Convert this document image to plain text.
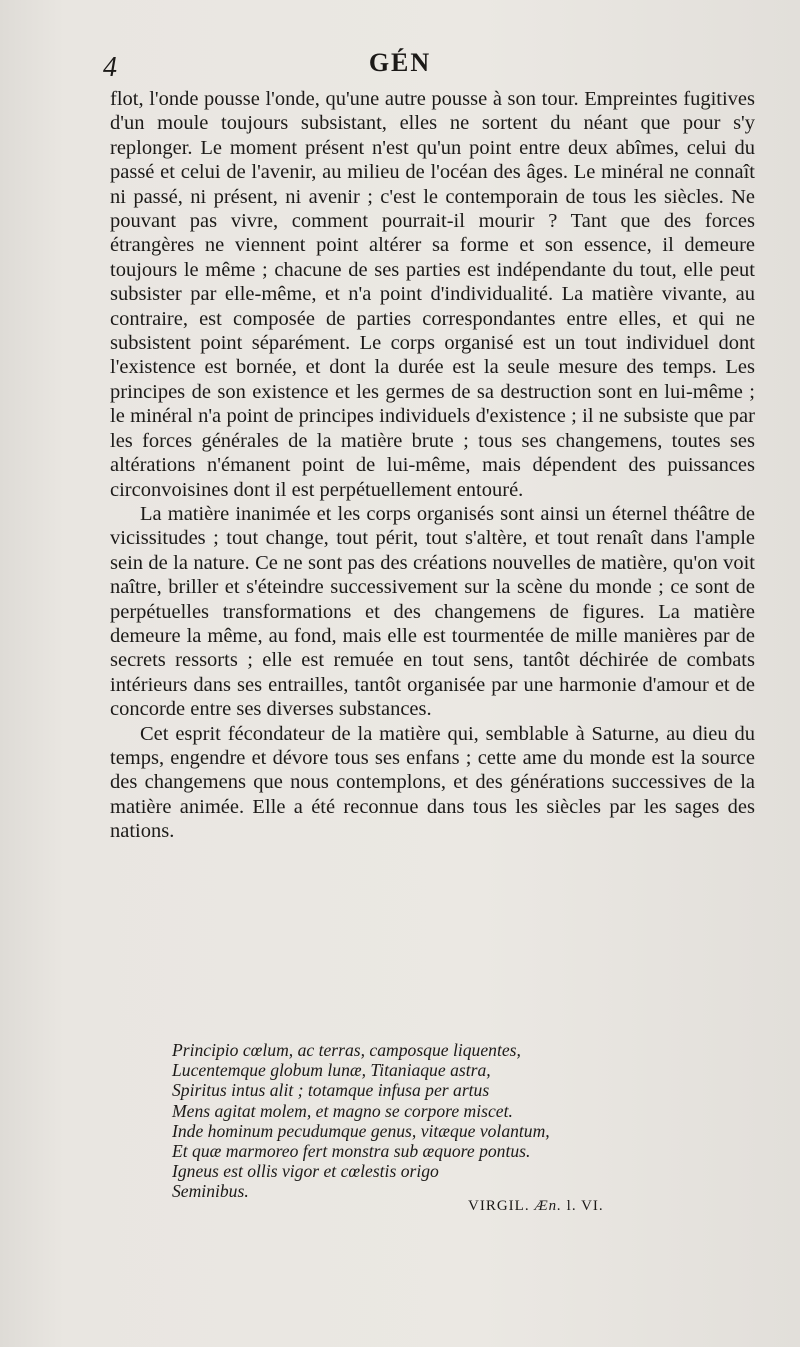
4	GÉN

flot, l'onde pousse l'onde, qu'une autre pousse à son tour. Empreintes fugitives d'un moule toujours subsistant, elles ne sortent du néant que pour s'y replonger. Le moment présent n'est qu'un point entre deux abîmes, celui du passé et celui de l'avenir, au milieu de l'océan des âges. Le minéral ne connaît ni passé, ni présent, ni avenir ; c'est le contemporain de tous les siècles. Ne pouvant pas vivre, comment pourrait-il mourir ? Tant que des forces étrangères ne viennent point altérer sa forme et son essence, il demeure toujours le même ; chacune de ses parties est indépendante du tout, elle peut subsister par elle-même, et n'a point d'individualité. La matière vivante, au contraire, est composée de parties correspondantes entre elles, et qui ne subsistent point séparément. Le corps organisé est un tout individuel dont l'existence est bornée, et dont la durée est la seule mesure des temps. Les principes de son existence et les germes de sa destruction sont en lui-même ; le minéral n'a point de principes individuels d'existence ; il ne subsiste que par les forces générales de la matière brute ; tous ses changemens, toutes ses altérations n'émanent point de lui-même, mais dépendent des puissances circonvoisines dont il est perpétuellement entouré.

La matière inanimée et les corps organisés sont ainsi un éternel théâtre de vicissitudes ; tout change, tout périt, tout s'altère, et tout renaît dans l'ample sein de la nature. Ce ne sont pas des créations nouvelles de matière, qu'on voit naître, briller et s'éteindre successivement sur la scène du monde ; ce sont de perpétuelles transformations et des changemens de figures. La matière demeure la même, au fond, mais elle est tourmentée de mille manières par de secrets ressorts ; elle est remuée en tout sens, tantôt déchirée de combats intérieurs dans ses entrailles, tantôt organisée par une harmonie d'amour et de concorde entre ses diverses substances.

Cet esprit fécondateur de la matière qui, semblable à Saturne, au dieu du temps, engendre et dévore tous ses enfans ; cette ame du monde est la source des changemens que nous contemplons, et des générations successives de la matière animée. Elle a été reconnue dans tous les siècles par les sages des nations.

Principio cœlum, ac terras, camposque liquentes,
Lucentemque globum lunæ, Titaniaque astra,
Spiritus intus alit ; totamque infusa per artus
Mens agitat molem, et magno se corpore miscet.
Inde hominum pecudumque genus, vitæque volantum,
Et quæ marmoreo fert monstra sub æquore pontus.
Igneus est ollis vigor et cœlestis origo
Seminibus.
VIRGIL. Æn. l. VI.
